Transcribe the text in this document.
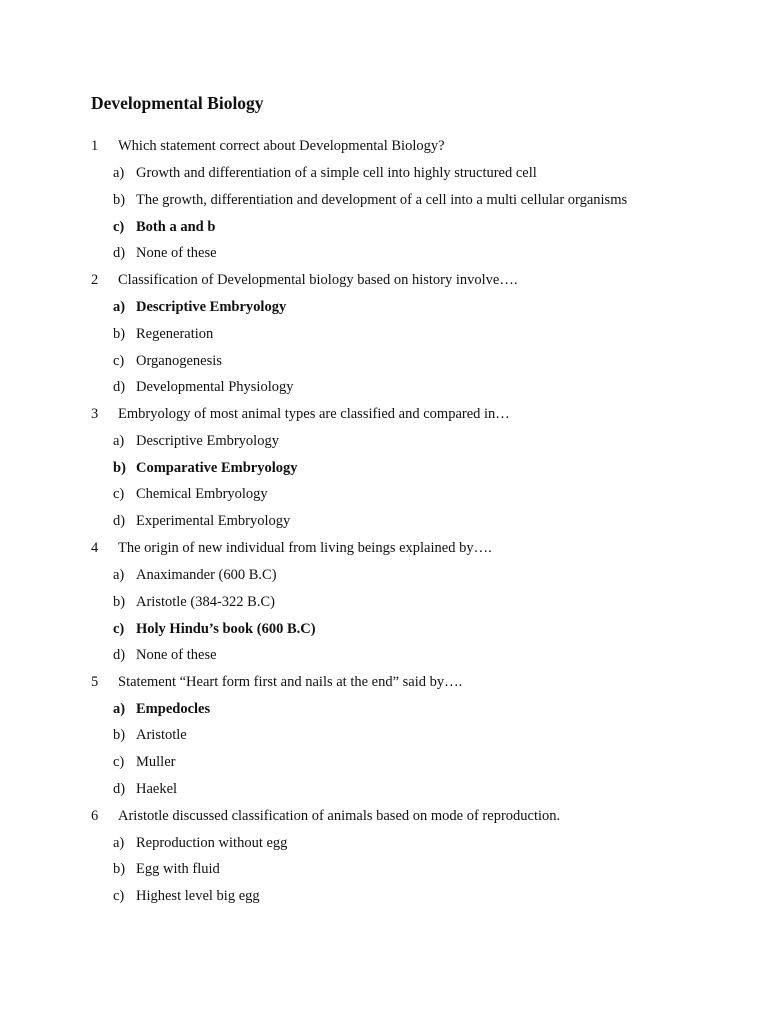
Developmental Biology
1 Which statement correct about Developmental Biology?
a) Growth and differentiation of a simple cell into highly structured cell
b) The growth, differentiation and development of a cell into a multi cellular organisms
c) Both a and b
d) None of these
2 Classification of Developmental biology based on history involve….
a) Descriptive Embryology
b) Regeneration
c) Organogenesis
d) Developmental Physiology
3 Embryology of most animal types are classified and compared in…
a) Descriptive Embryology
b) Comparative Embryology
c) Chemical Embryology
d) Experimental Embryology
4 The origin of new individual from living beings explained by….
a) Anaximander (600 B.C)
b) Aristotle (384-322 B.C)
c) Holy Hindu’s book (600 B.C)
d) None of these
5 Statement “Heart form first and nails at the end” said by….
a) Empedocles
b) Aristotle
c) Muller
d) Haekel
6 Aristotle discussed classification of animals based on mode of reproduction.
a) Reproduction without egg
b) Egg with fluid
c) Highest level big egg
